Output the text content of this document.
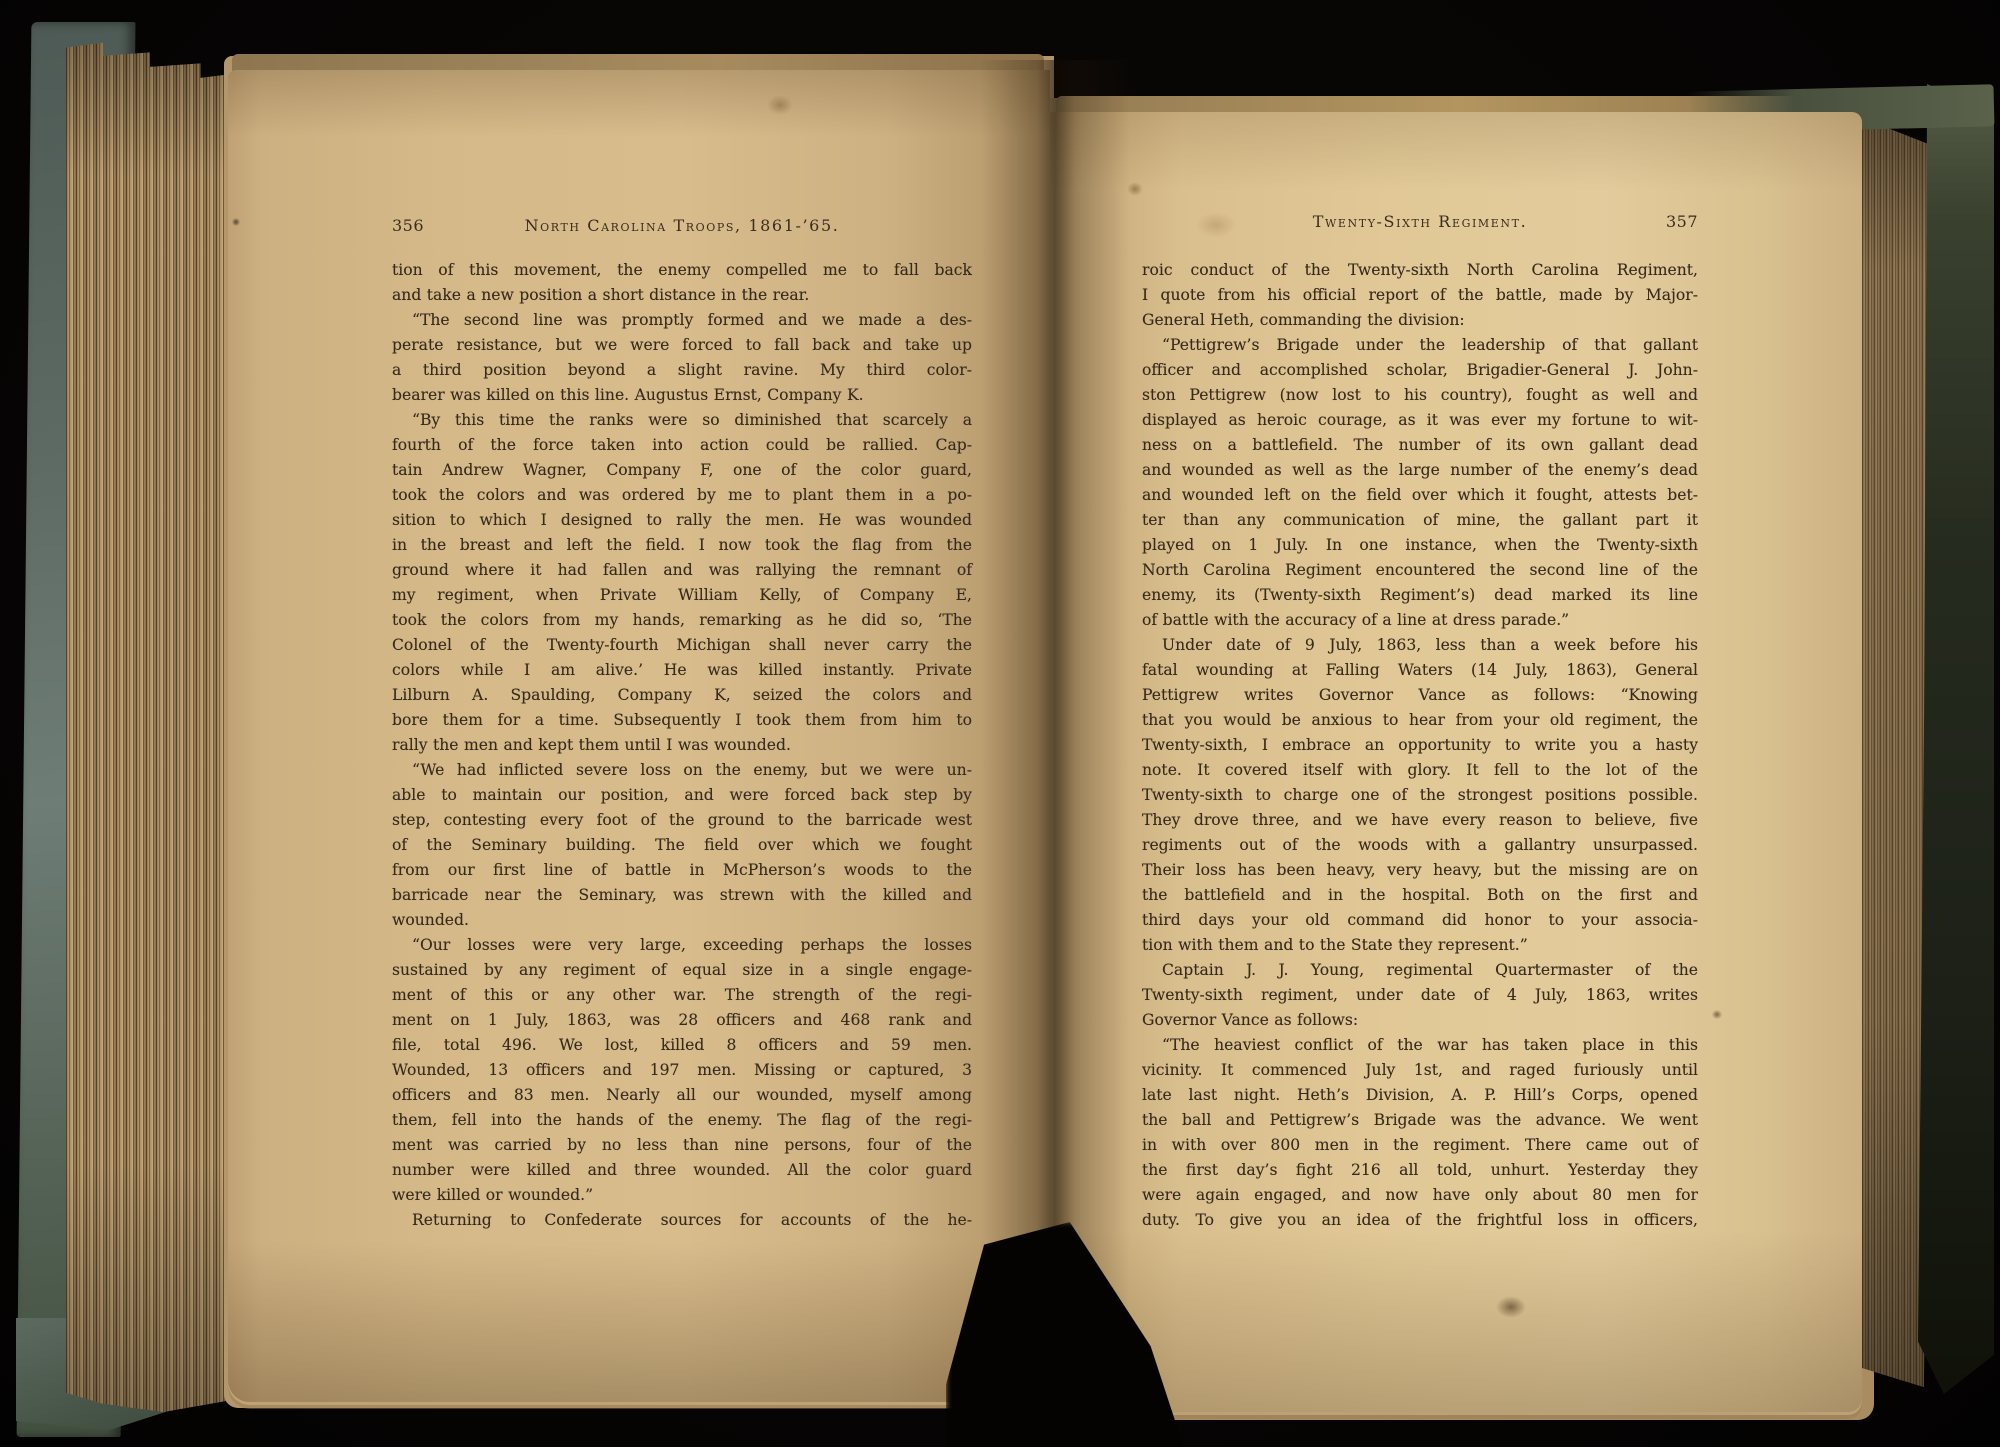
356	North Carolina Troops, 1861-’65.
tion of this movement, the enemy compelled me to fall back
and take a new position a short distance in the rear.
“The second line was promptly formed and we made a des-
perate resistance, but we were forced to fall back and take up
a third position beyond a slight ravine. My third color-
bearer was killed on this line. Augustus Ernst, Company K.
“By this time the ranks were so diminished that scarcely a
fourth of the force taken into action could be rallied. Cap-
tain Andrew Wagner, Company F, one of the color guard,
took the colors and was ordered by me to plant them in a po-
sition to which I designed to rally the men. He was wounded
in the breast and left the field. I now took the flag from the
ground where it had fallen and was rallying the remnant of
my regiment, when Private William Kelly, of Company E,
took the colors from my hands, remarking as he did so, ‘The
Colonel of the Twenty-fourth Michigan shall never carry the
colors while I am alive.’ He was killed instantly. Private
Lilburn A. Spaulding, Company K, seized the colors and
bore them for a time. Subsequently I took them from him to
rally the men and kept them until I was wounded.
“We had inflicted severe loss on the enemy, but we were un-
able to maintain our position, and were forced back step by
step, contesting every foot of the ground to the barricade west
of the Seminary building. The field over which we fought
from our first line of battle in McPherson’s woods to the
barricade near the Seminary, was strewn with the killed and
wounded.
“Our losses were very large, exceeding perhaps the losses
sustained by any regiment of equal size in a single engage-
ment of this or any other war. The strength of the regi-
ment on 1 July, 1863, was 28 officers and 468 rank and
file, total 496. We lost, killed 8 officers and 59 men.
Wounded, 13 officers and 197 men. Missing or captured, 3
officers and 83 men. Nearly all our wounded, myself among
them, fell into the hands of the enemy. The flag of the regi-
ment was carried by no less than nine persons, four of the
number were killed and three wounded. All the color guard
were killed or wounded.”
Returning to Confederate sources for accounts of the he-
Twenty-Sixth Regiment.	357
roic conduct of the Twenty-sixth North Carolina Regiment,
I quote from his official report of the battle, made by Major-
General Heth, commanding the division:
“Pettigrew’s Brigade under the leadership of that gallant
officer and accomplished scholar, Brigadier-General J. John-
ston Pettigrew (now lost to his country), fought as well and
displayed as heroic courage, as it was ever my fortune to wit-
ness on a battlefield. The number of its own gallant dead
and wounded as well as the large number of the enemy’s dead
and wounded left on the field over which it fought, attests bet-
ter than any communication of mine, the gallant part it
played on 1 July. In one instance, when the Twenty-sixth
North Carolina Regiment encountered the second line of the
enemy, its (Twenty-sixth Regiment’s) dead marked its line
of battle with the accuracy of a line at dress parade.”
Under date of 9 July, 1863, less than a week before his
fatal wounding at Falling Waters (14 July, 1863), General
Pettigrew writes Governor Vance as follows: “Knowing
that you would be anxious to hear from your old regiment, the
Twenty-sixth, I embrace an opportunity to write you a hasty
note. It covered itself with glory. It fell to the lot of the
Twenty-sixth to charge one of the strongest positions possible.
They drove three, and we have every reason to believe, five
regiments out of the woods with a gallantry unsurpassed.
Their loss has been heavy, very heavy, but the missing are on
the battlefield and in the hospital. Both on the first and
third days your old command did honor to your associa-
tion with them and to the State they represent.”
Captain J. J. Young, regimental Quartermaster of the
Twenty-sixth regiment, under date of 4 July, 1863, writes
Governor Vance as follows:
“The heaviest conflict of the war has taken place in this
vicinity. It commenced July 1st, and raged furiously until
late last night. Heth’s Division, A. P. Hill’s Corps, opened
the ball and Pettigrew’s Brigade was the advance. We went
in with over 800 men in the regiment. There came out of
the first day’s fight 216 all told, unhurt. Yesterday they
were again engaged, and now have only about 80 men for
duty. To give you an idea of the frightful loss in officers,
